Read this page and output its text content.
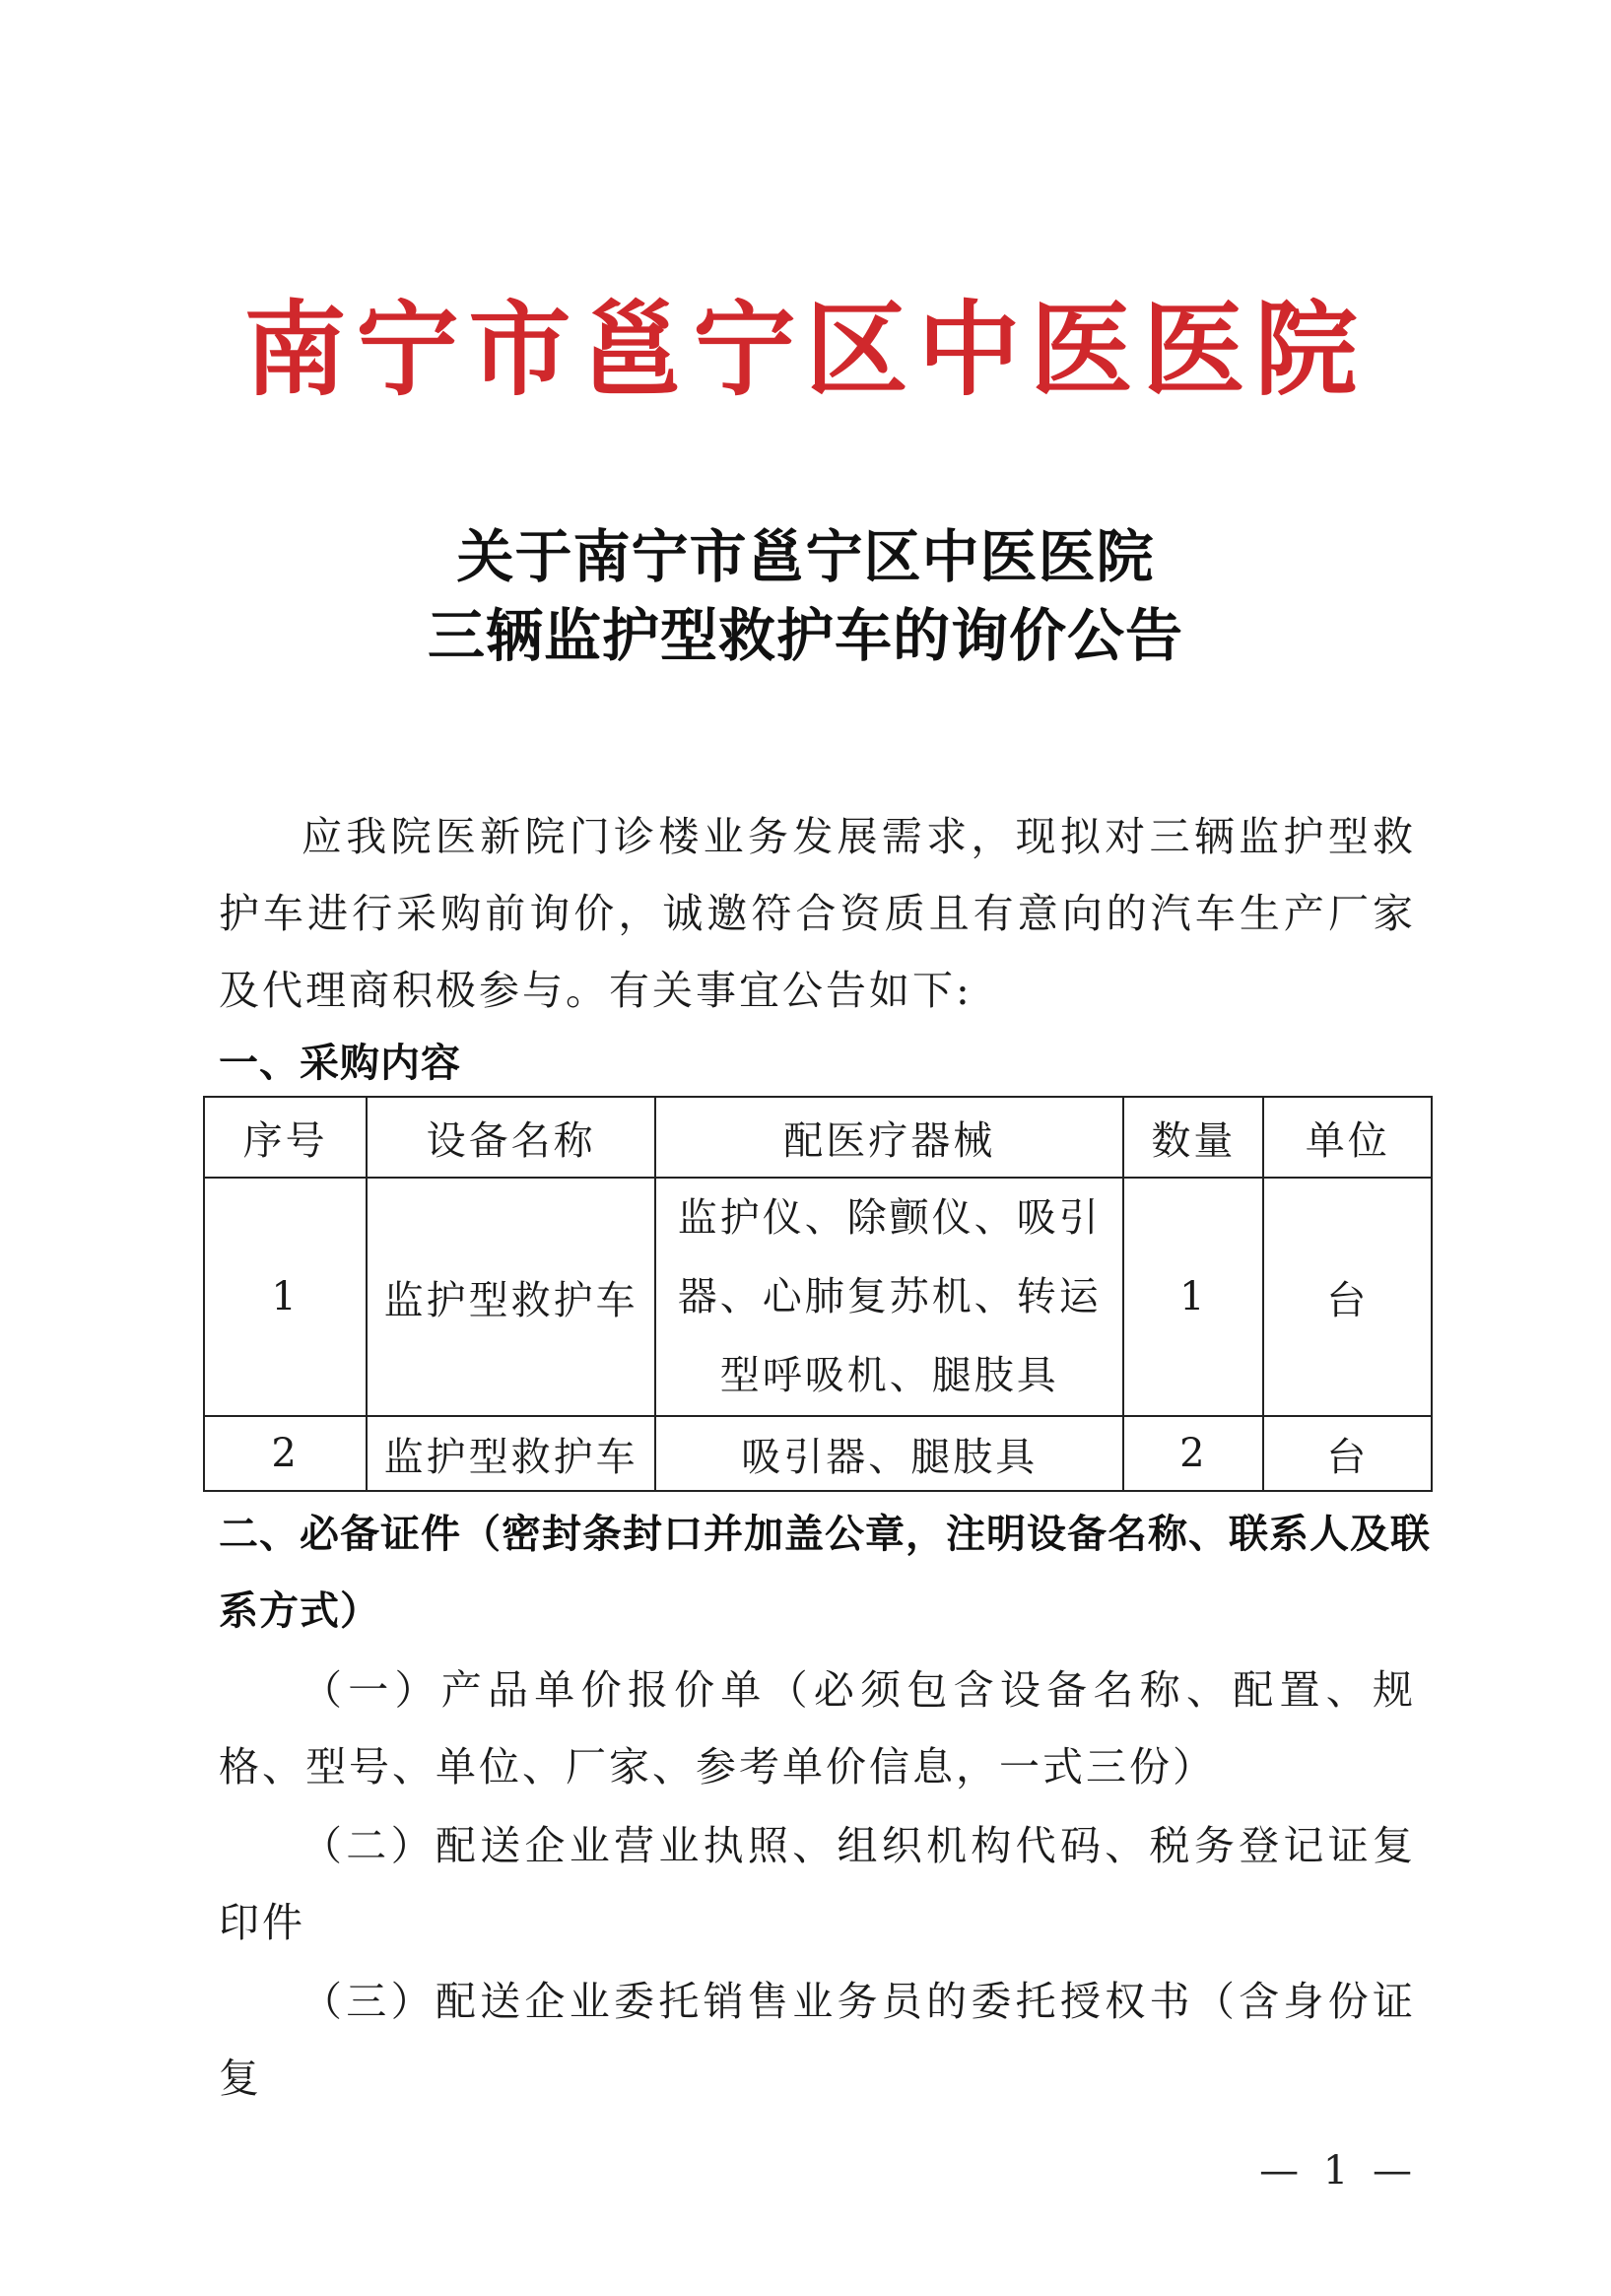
南宁市邕宁区中医医院
关于南宁市邕宁区中医医院
三辆监护型救护车的询价公告
应我院医新院门诊楼业务发展需求，现拟对三辆监护型救护车进行采购前询价，诚邀符合资质且有意向的汽车生产厂家及代理商积极参与。有关事宜公告如下:
一、采购内容
序号	设备名称	配医疗器械	数量	单位
1	监护型救护车	监护仪、除颤仪、吸引器、心肺复苏机、转运型呼吸机、腿肢具	1	台
2	监护型救护车	吸引器、腿肢具	2	台
二、必备证件（密封条封口并加盖公章，注明设备名称、联系人及联系方式）
（一）产品单价报价单（必须包含设备名称、配置、规格、型号、单位、厂家、参考单价信息，一式三份）
（二）配送企业营业执照、组织机构代码、税务登记证复印件
（三）配送企业委托销售业务员的委托授权书（含身份证复
— 1 —
